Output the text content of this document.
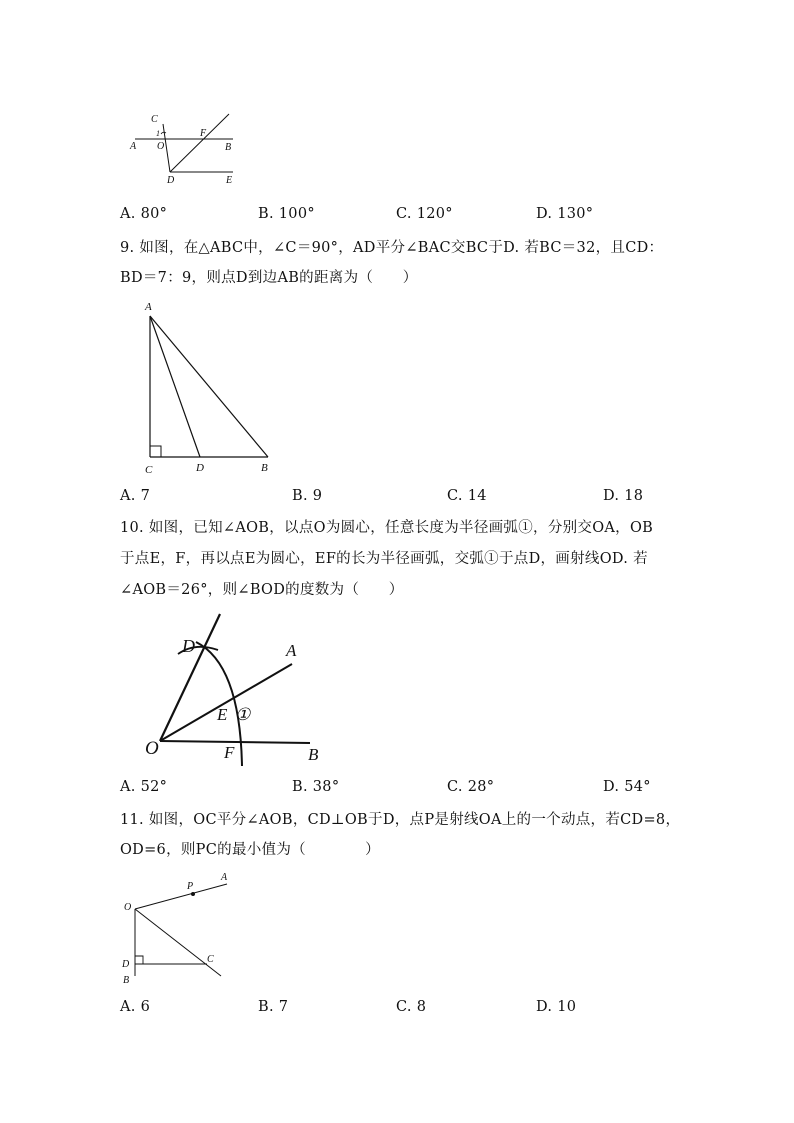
C
1
A O
F
B
D	E
A. 80°	B. 100°	C. 120°	D. 130°
9. 如图，在△ABC中，∠C＝90°，AD平分∠BAC交BC于D. 若BC＝32，且CD：
BD＝7：9，则点D到边AB的距离为（　　）
A
C	D	B
A. 7	B. 9	C. 14	D. 18
10. 如图，已知∠AOB，以点O为圆心，任意长度为半径画弧①，分别交OA，OB
于点E，F，再以点E为圆心，EF的长为半径画弧，交弧①于点D，画射线OD. 若
∠AOB＝26°，则∠BOD的度数为（　　）
D	A
E ①
O	F	B
A. 52°	B. 38°	C. 28°	D. 54°
11. 如图，OC平分∠AOB，CD⊥OB于D，点P是射线OA上的一个动点，若CD=8，
OD=6，则PC的最小值为（　　　　）
P
A
O
C
D
B
A. 6	B. 7	C. 8	D. 10
